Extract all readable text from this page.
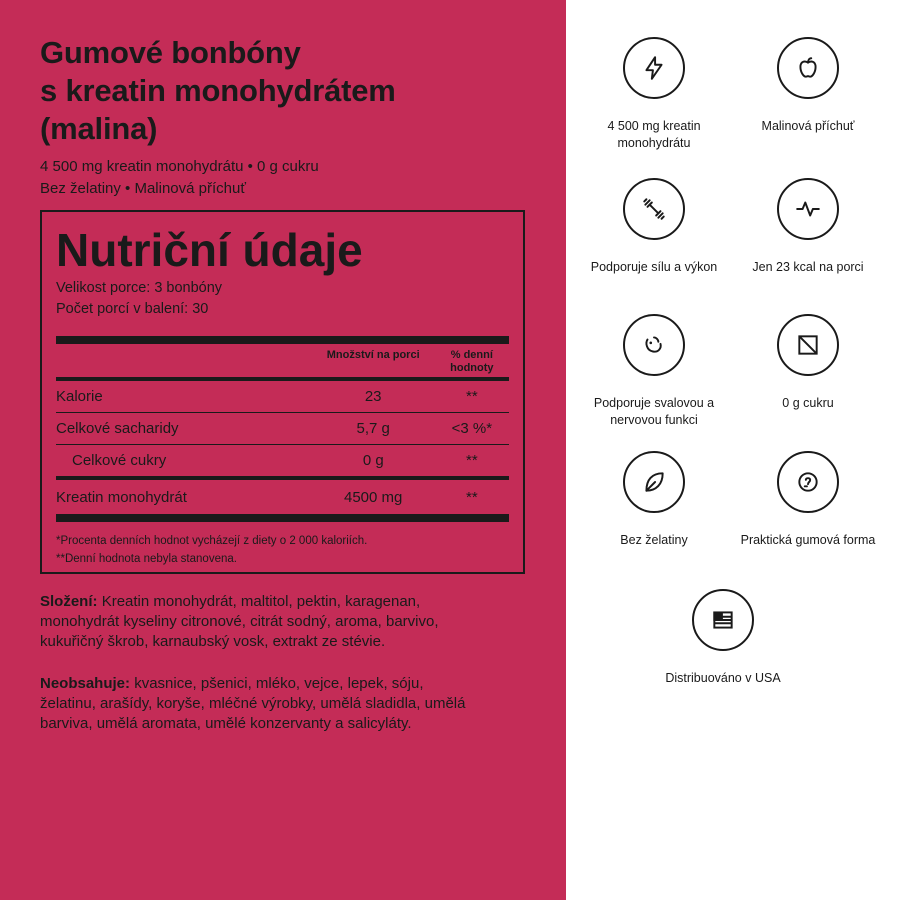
Gumové bonbóny
s kreatin monohydrátem
(malina)
4 500 mg kreatin monohydrátu • 0 g cukru
Bez želatiny • Malinová příchuť
Nutriční údaje
Velikost porce: 3 bonbóny
Počet porcí v balení: 30
Množství na porci	% denní hodnoty
Kalorie	23	**
Celkové sacharidy	5,7 g	<3 %*
Celkové cukry	0 g	**
Kreatin monohydrát	4500 mg	**
*Procenta denních hodnot vycházejí z diety o 2 000 kaloriích.
**Denní hodnota nebyla stanovena.
Složení: Kreatin monohydrát, maltitol, pektin, karagenan, monohydrát kyseliny citronové, citrát sodný, aroma, barvivo, kukuřičný škrob, karnaubský vosk, extrakt ze stévie.
Neobsahuje: kvasnice, pšenici, mléko, vejce, lepek, sóju, želatinu, arašídy, koryše, mléčné výrobky, umělá sladidla, umělá barviva, umělá aromata, umělé konzervanty a salicyláty.
4 500 mg kreatin monohydrátu
Malinová příchuť
Podporuje sílu a výkon	Jen 23 kcal na porci
Podporuje svalovou a nervovou funkci
0 g cukru
Bez želatiny	Praktická gumová forma
Distribuováno v USA
